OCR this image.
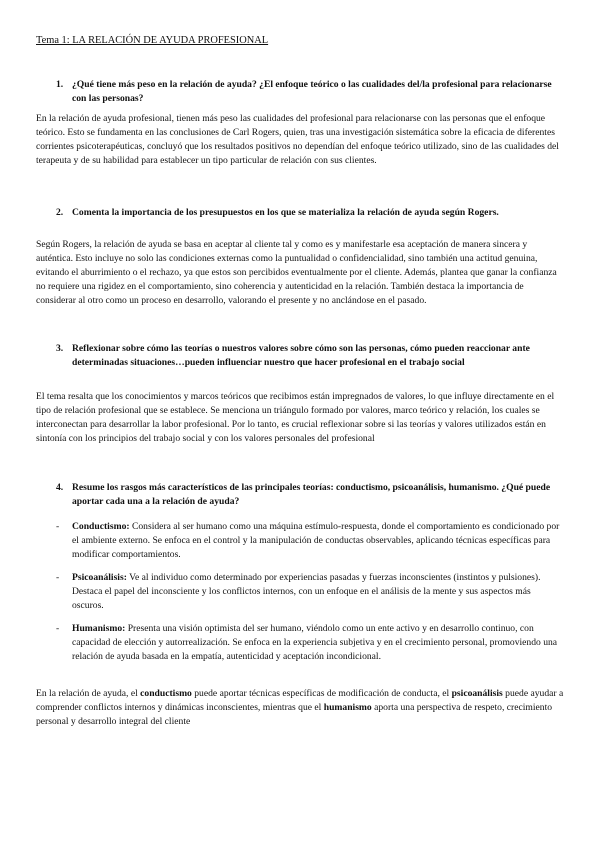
Tema 1: LA RELACIÓN DE AYUDA PROFESIONAL
1. ¿Qué tiene más peso en la relación de ayuda? ¿El enfoque teórico o las cualidades del/la profesional para relacionarse con las personas?

En la relación de ayuda profesional, tienen más peso las cualidades del profesional para relacionarse con las personas que el enfoque teórico. Esto se fundamenta en las conclusiones de Carl Rogers, quien, tras una investigación sistemática sobre la eficacia de diferentes corrientes psicoterapéuticas, concluyó que los resultados positivos no dependían del enfoque teórico utilizado, sino de las cualidades del terapeuta y de su habilidad para establecer un tipo particular de relación con sus clientes.

2. Comenta la importancia de los presupuestos en los que se materializa la relación de ayuda según Rogers.

Según Rogers, la relación de ayuda se basa en aceptar al cliente tal y como es y manifestarle esa aceptación de manera sincera y auténtica. Esto incluye no solo las condiciones externas como la puntualidad o confidencialidad, sino también una actitud genuina, evitando el aburrimiento o el rechazo, ya que estos son percibidos eventualmente por el cliente. Además, plantea que ganar la confianza no requiere una rigidez en el comportamiento, sino coherencia y autenticidad en la relación. También destaca la importancia de considerar al otro como un proceso en desarrollo, valorando el presente y no anclándose en el pasado.

3. Reflexionar sobre cómo las teorías o nuestros valores sobre cómo son las personas, cómo pueden reaccionar ante determinadas situaciones…pueden influenciar nuestro que hacer profesional en el trabajo social

El tema resalta que los conocimientos y marcos teóricos que recibimos están impregnados de valores, lo que influye directamente en el tipo de relación profesional que se establece. Se menciona un triángulo formado por valores, marco teórico y relación, los cuales se interconectan para desarrollar la labor profesional. Por lo tanto, es crucial reflexionar sobre si las teorías y valores utilizados están en sintonía con los principios del trabajo social y con los valores personales del profesional

4. Resume los rasgos más característicos de las principales teorías: conductismo, psicoanálisis, humanismo. ¿Qué puede aportar cada una a la relación de ayuda?
-	Conductismo: Considera al ser humano como una máquina estímulo-respuesta, donde el comportamiento es condicionado por el ambiente externo. Se enfoca en el control y la manipulación de conductas observables, aplicando técnicas específicas para modificar comportamientos.
-	Psicoanálisis: Ve al individuo como determinado por experiencias pasadas y fuerzas inconscientes (instintos y pulsiones). Destaca el papel del inconsciente y los conflictos internos, con un enfoque en el análisis de la mente y sus aspectos más oscuros.
-	Humanismo: Presenta una visión optimista del ser humano, viéndolo como un ente activo y en desarrollo continuo, con capacidad de elección y autorrealización. Se enfoca en la experiencia subjetiva y en el crecimiento personal, promoviendo una relación de ayuda basada en la empatía, autenticidad y aceptación incondicional.

En la relación de ayuda, el conductismo puede aportar técnicas específicas de modificación de conducta, el psicoanálisis puede ayudar a comprender conflictos internos y dinámicas inconscientes, mientras que el humanismo aporta una perspectiva de respeto, crecimiento personal y desarrollo integral del cliente
